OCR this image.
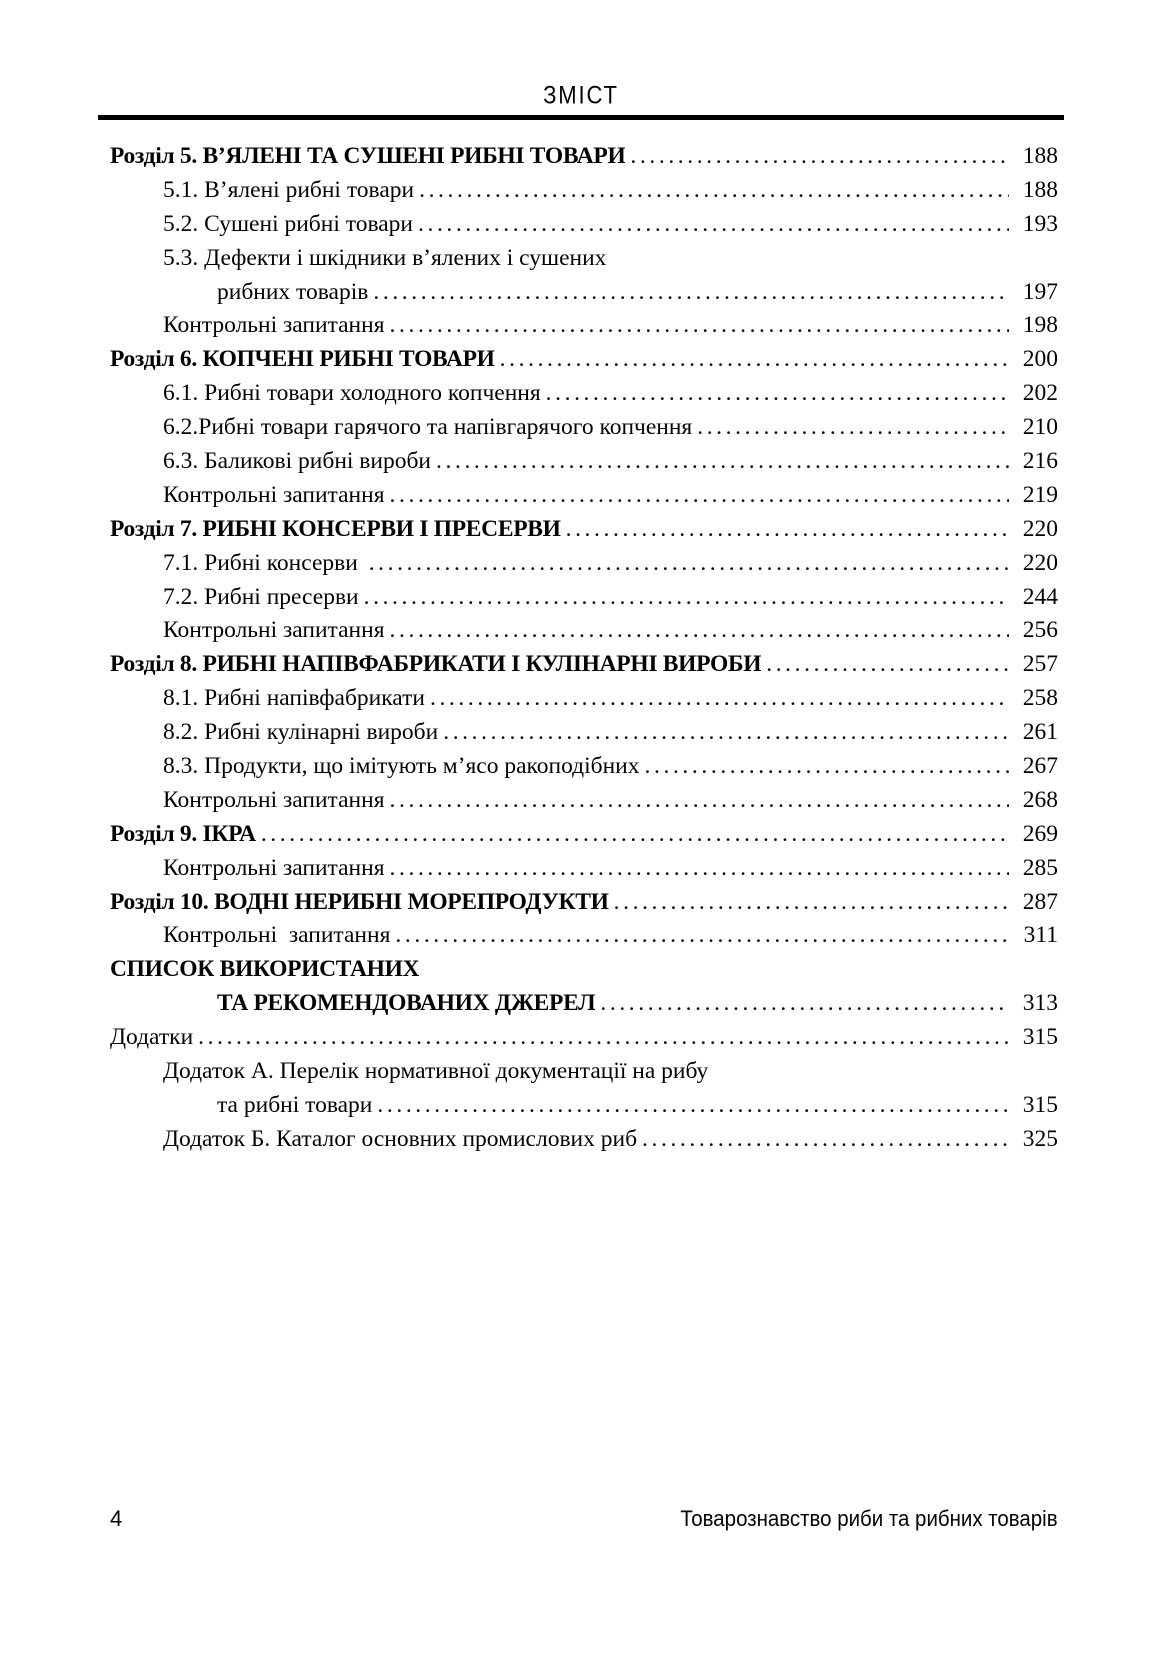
ЗМІСТ
Розділ 5. В’ЯЛЕНІ ТА СУШЕНІ РИБНІ ТОВАРИ .....	188
5.1. В’ялені рибні товари .....	188
5.2. Сушені рибні товари .....	193
5.3. Дефекти і шкідники в’ялених і сушених
рибних товарів .....	197
Контрольні запитання .....	198
Розділ 6. КОПЧЕНІ РИБНІ ТОВАРИ .....	200
6.1. Рибні товари холодного копчення .....	202
6.2.Рибні товари гарячого та напівгарячого копчення .....	210
6.3. Баликові рибні вироби .....	216
Контрольні запитання .....	219
Розділ 7. РИБНІ КОНСЕРВИ І ПРЕСЕРВИ .....	220
7.1. Рибні консерви .....	220
7.2. Рибні пресерви .....	244
Контрольні запитання .....	256
Розділ 8. РИБНІ НАПІВФАБРИКАТИ І КУЛІНАРНІ ВИРОБИ .....	257
8.1. Рибні напівфабрикати .....	258
8.2. Рибні кулінарні вироби .....	261
8.3. Продукти, що імітують м’ясо ракоподібних .....	267
Контрольні запитання .....	268
Розділ 9. ІКРА .....	269
Контрольні запитання .....	285
Розділ 10. ВОДНІ НЕРИБНІ МОРЕПРОДУКТИ .....	287
Контрольні  запитання .....	311
СПИСОК ВИКОРИСТАНИХ
ТА РЕКОМЕНДОВАНИХ ДЖЕРЕЛ .....	313
Додатки .....	315
Додаток А. Перелік нормативної документації на рибу
та рибні товари .....	315
Додаток Б. Каталог основних промислових риб .....	325
4	Товарознавство риби та рибних товарів
